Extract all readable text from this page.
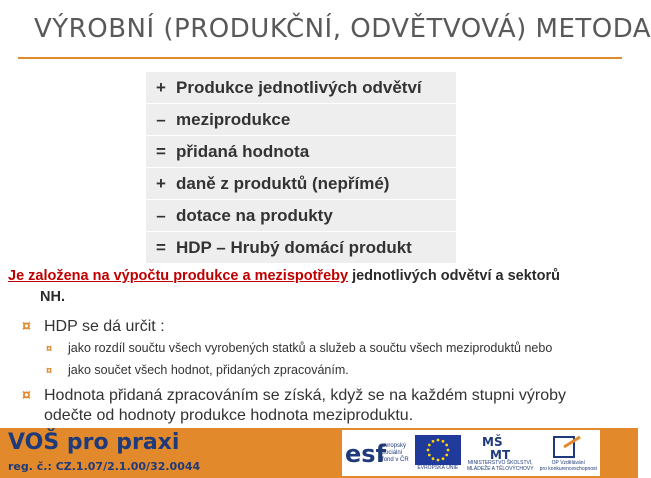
VÝROBNÍ (PRODUKČNÍ, ODVĚTVOVÁ) METODA
+ Produkce jednotlivých odvětví
– meziprodukce
= přidaná hodnota
+ daně z produktů (nepřímé)
– dotace na produkty
= HDP – Hrubý domácí produkt
Je založena na výpočtu produkce a mezispotřeby jednotlivých odvětví a sektorů
NH.
¤ HDP se dá určit :
¤ jako rozdíl součtu všech vyrobených statků a služeb a součtu všech meziproduktů nebo
¤ jako součet všech hodnot, přidaných zpracováním.
¤ Hodnota přidaná zpracováním se získá, když se na každém stupni výroby
odečte od hodnoty produkce hodnota meziproduktu.
VOŠ pro praxi
reg. č.: CZ.1.07/2.1.00/32.0044	esf
evropský
sociální
fond v ČR
EVROPSKÁ UNIE
MŠ
MT
MINISTERSTVO ŠKOLSTVÍ,
MLÁDEŽE A TĚLOVÝCHOVY
OP Vzdělávání
pro konkurenceschopnost
